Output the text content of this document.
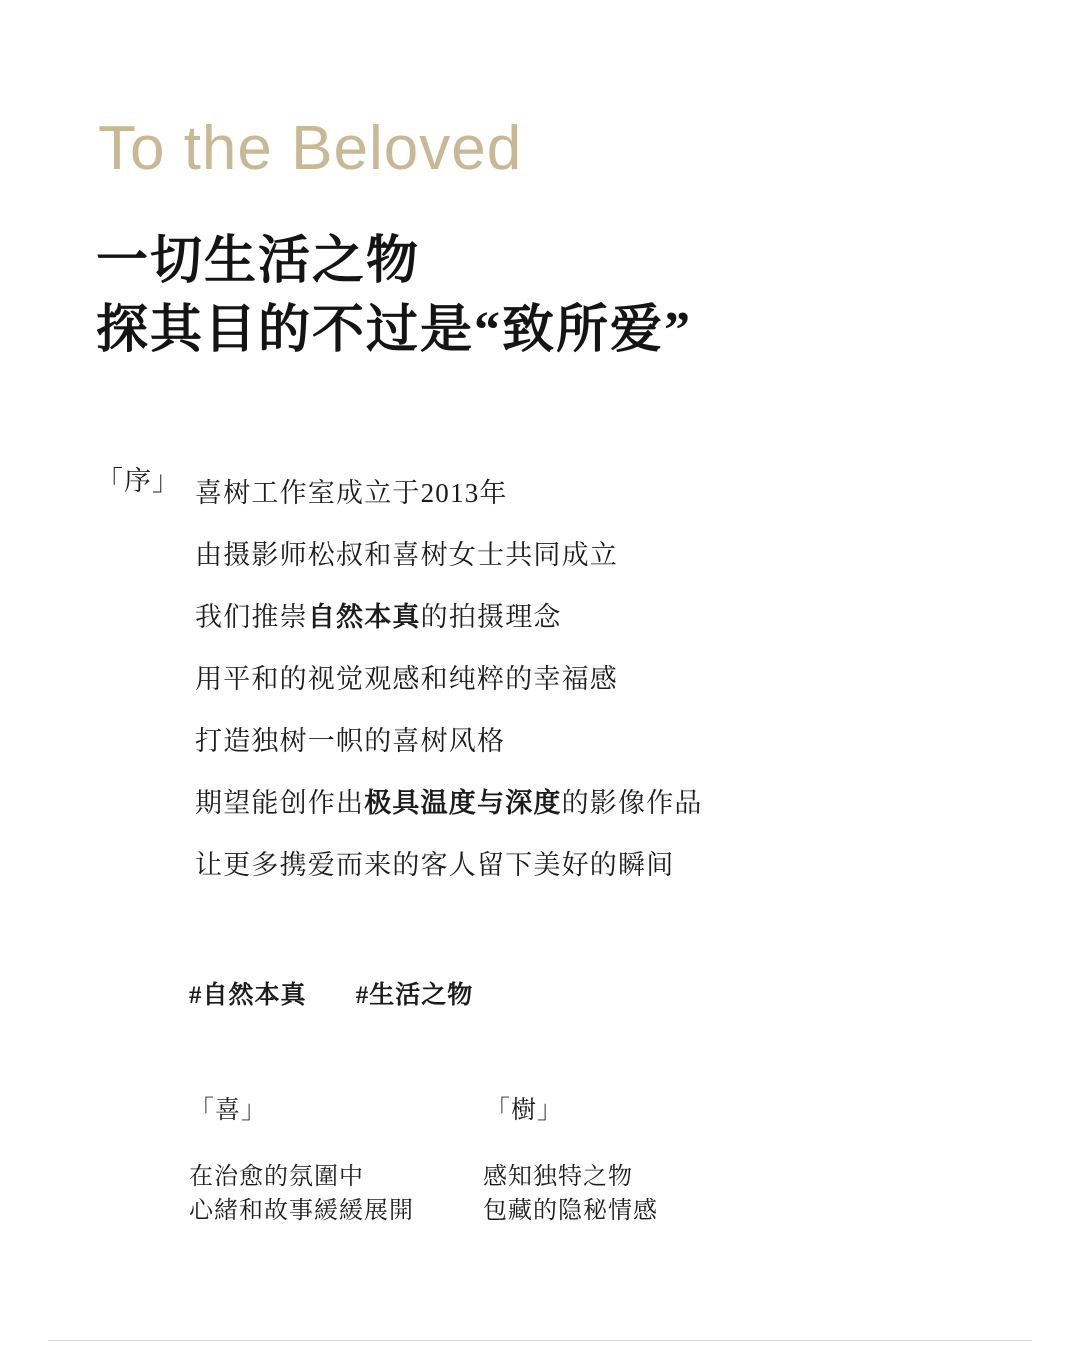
To the Beloved
一切生活之物
探其目的不过是“致所爱”
「序」 喜树工作室成立于2013年
由摄影师松叔和喜树女士共同成立
我们推崇自然本真的拍摄理念
用平和的视觉观感和纯粹的幸福感
打造独树一帜的喜树风格
期望能创作出极具温度与深度的影像作品
让更多携爱而来的客人留下美好的瞬间
#自然本真 #生活之物
「喜」
在治愈的氛圍中
心緒和故事緩緩展開

「樹」
感知独特之物
包藏的隐秘情感
